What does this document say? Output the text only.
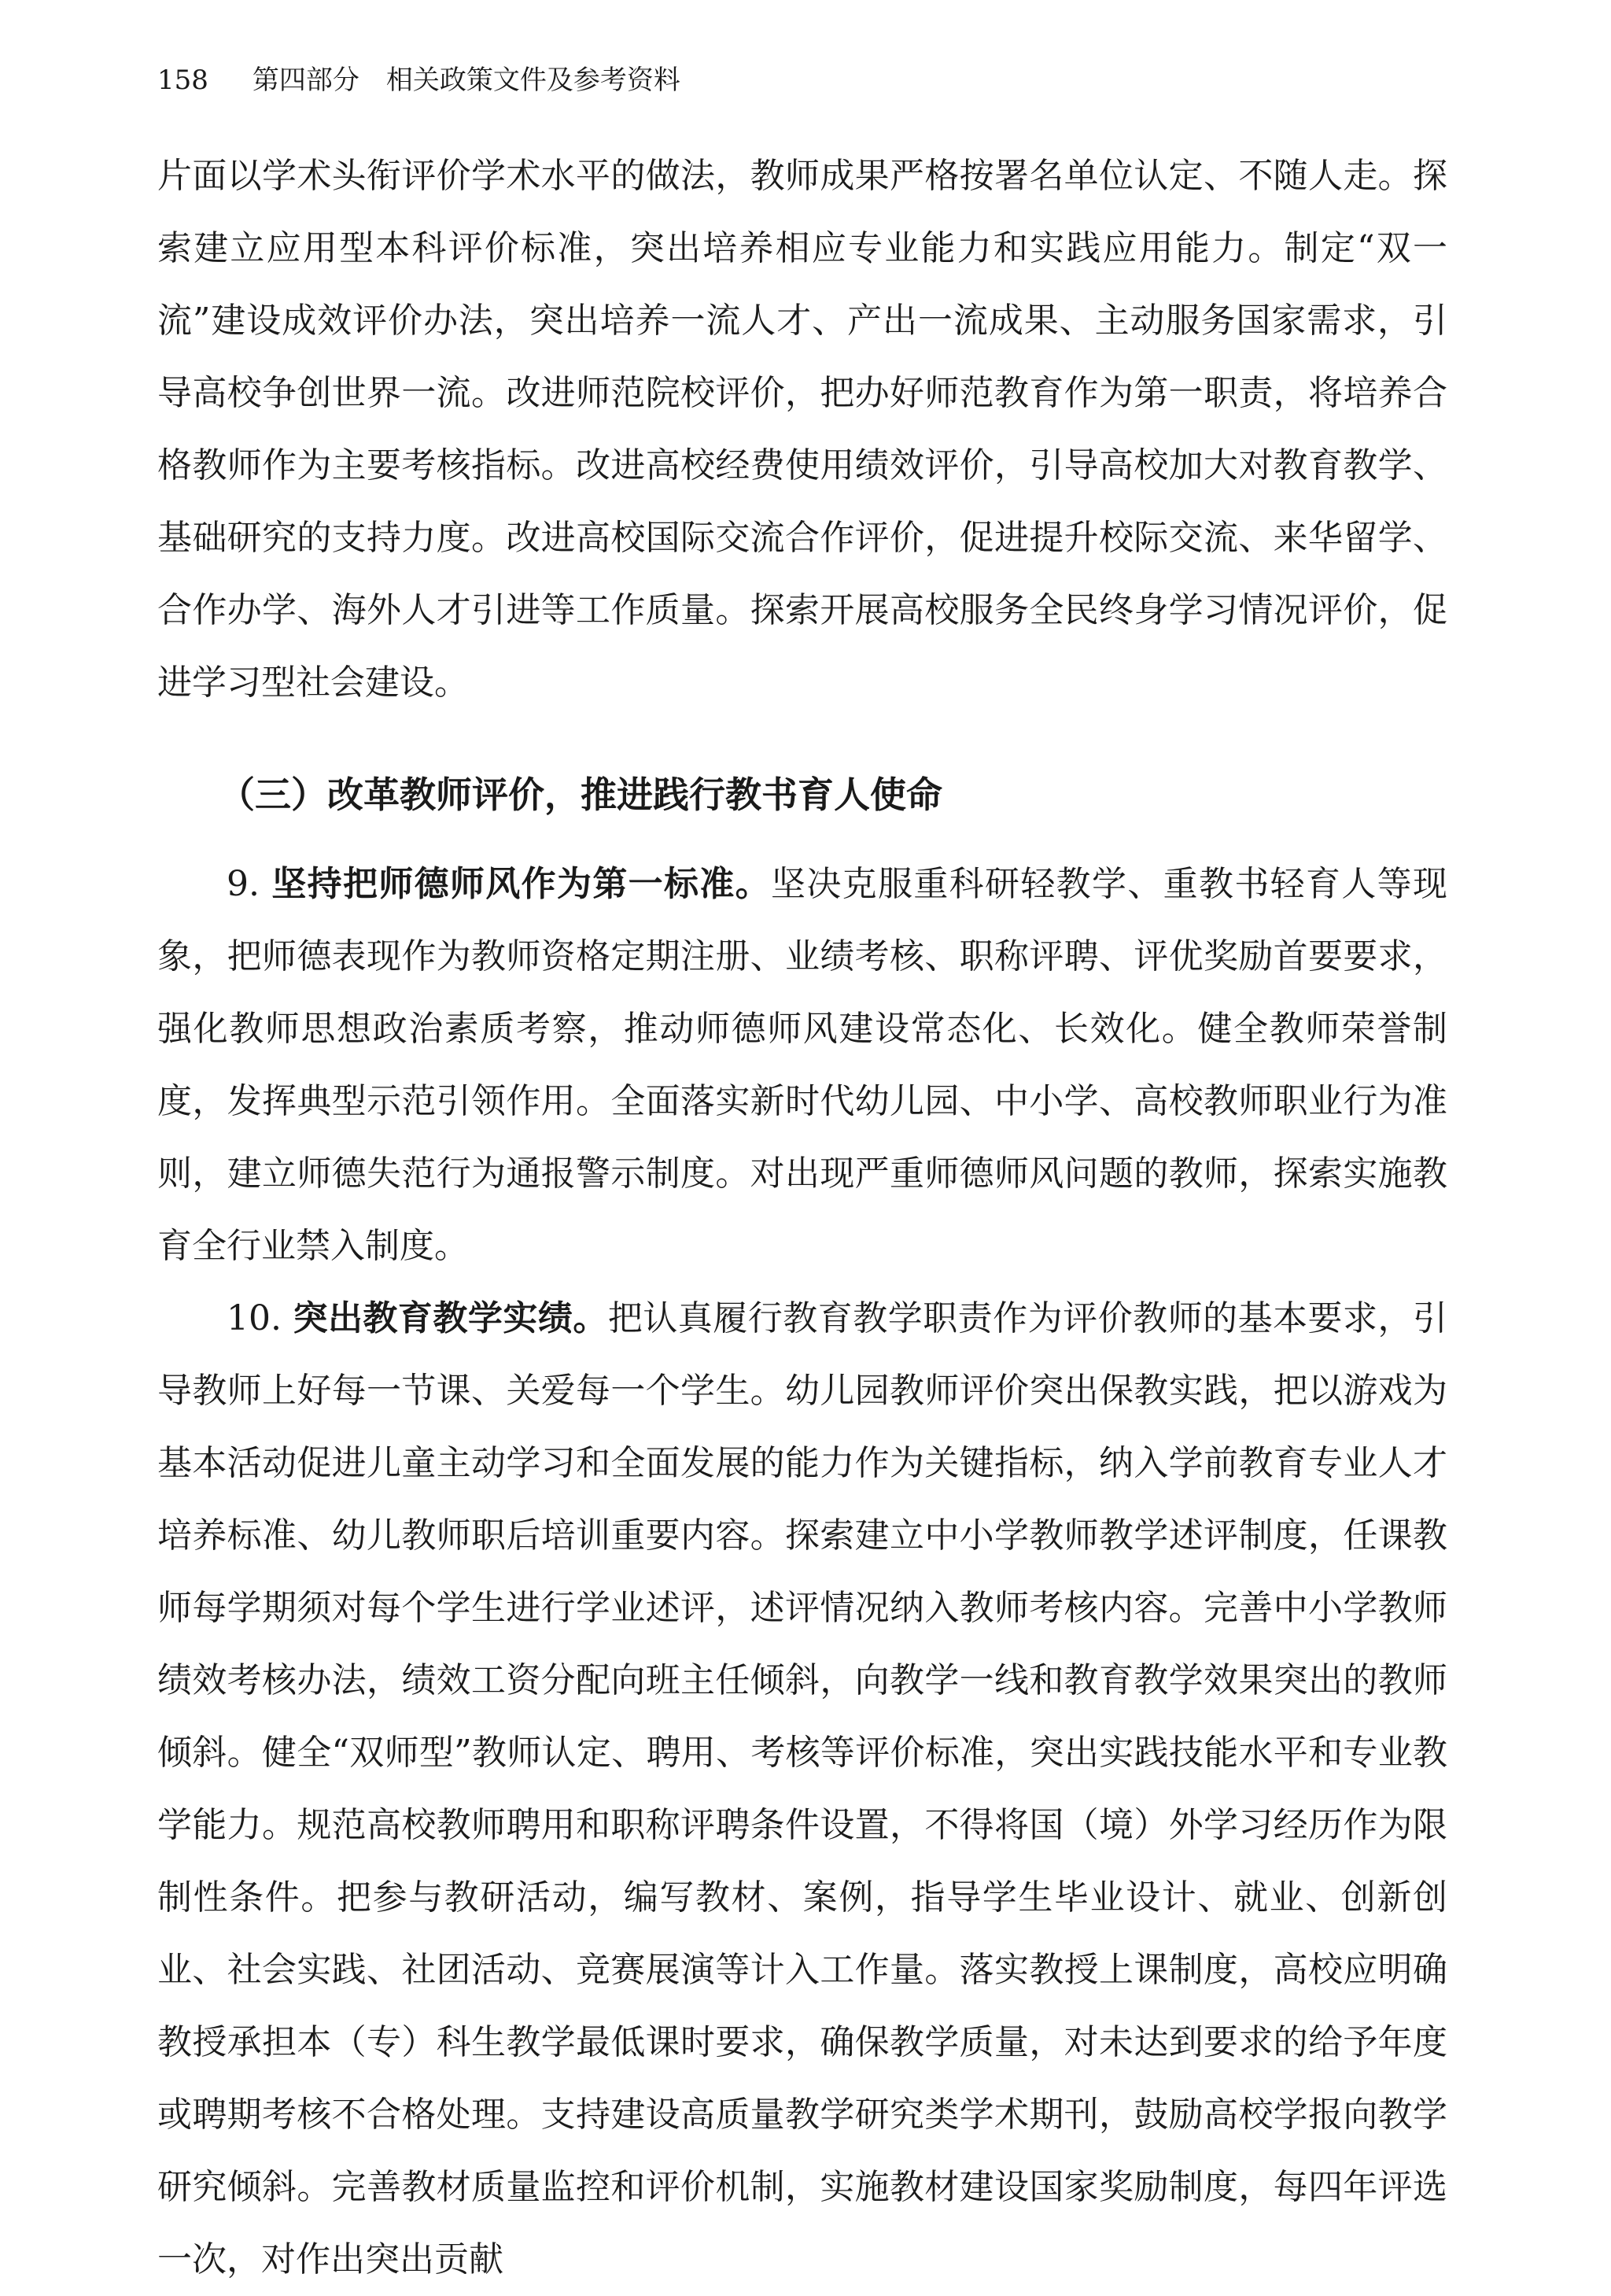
158 第四部分　相关政策文件及参考资料

片面以学术头衔评价学术水平的做法，教师成果严格按署名单位认定、不随人走。探索建立应用型本科评价标准，突出培养相应专业能力和实践应用能力。制定“双一流”建设成效评价办法，突出培养一流人才、产出一流成果、主动服务国家需求，引导高校争创世界一流。改进师范院校评价，把办好师范教育作为第一职责，将培养合格教师作为主要考核指标。改进高校经费使用绩效评价，引导高校加大对教育教学、基础研究的支持力度。改进高校国际交流合作评价，促进提升校际交流、来华留学、合作办学、海外人才引进等工作质量。探索开展高校服务全民终身学习情况评价，促进学习型社会建设。

（三）改革教师评价，推进践行教书育人使命

9. 坚持把师德师风作为第一标准。坚决克服重科研轻教学、重教书轻育人等现象，把师德表现作为教师资格定期注册、业绩考核、职称评聘、评优奖励首要要求，强化教师思想政治素质考察，推动师德师风建设常态化、长效化。健全教师荣誉制度，发挥典型示范引领作用。全面落实新时代幼儿园、中小学、高校教师职业行为准则，建立师德失范行为通报警示制度。对出现严重师德师风问题的教师，探索实施教育全行业禁入制度。

10. 突出教育教学实绩。把认真履行教育教学职责作为评价教师的基本要求，引导教师上好每一节课、关爱每一个学生。幼儿园教师评价突出保教实践，把以游戏为基本活动促进儿童主动学习和全面发展的能力作为关键指标，纳入学前教育专业人才培养标准、幼儿教师职后培训重要内容。探索建立中小学教师教学述评制度，任课教师每学期须对每个学生进行学业述评，述评情况纳入教师考核内容。完善中小学教师绩效考核办法，绩效工资分配向班主任倾斜，向教学一线和教育教学效果突出的教师倾斜。健全“双师型”教师认定、聘用、考核等评价标准，突出实践技能水平和专业教学能力。规范高校教师聘用和职称评聘条件设置，不得将国（境）外学习经历作为限制性条件。把参与教研活动，编写教材、案例，指导学生毕业设计、就业、创新创业、社会实践、社团活动、竞赛展演等计入工作量。落实教授上课制度，高校应明确教授承担本（专）科生教学最低课时要求，确保教学质量，对未达到要求的给予年度或聘期考核不合格处理。支持建设高质量教学研究类学术期刊，鼓励高校学报向教学研究倾斜。完善教材质量监控和评价机制，实施教材建设国家奖励制度，每四年评选一次，对作出突出贡献
